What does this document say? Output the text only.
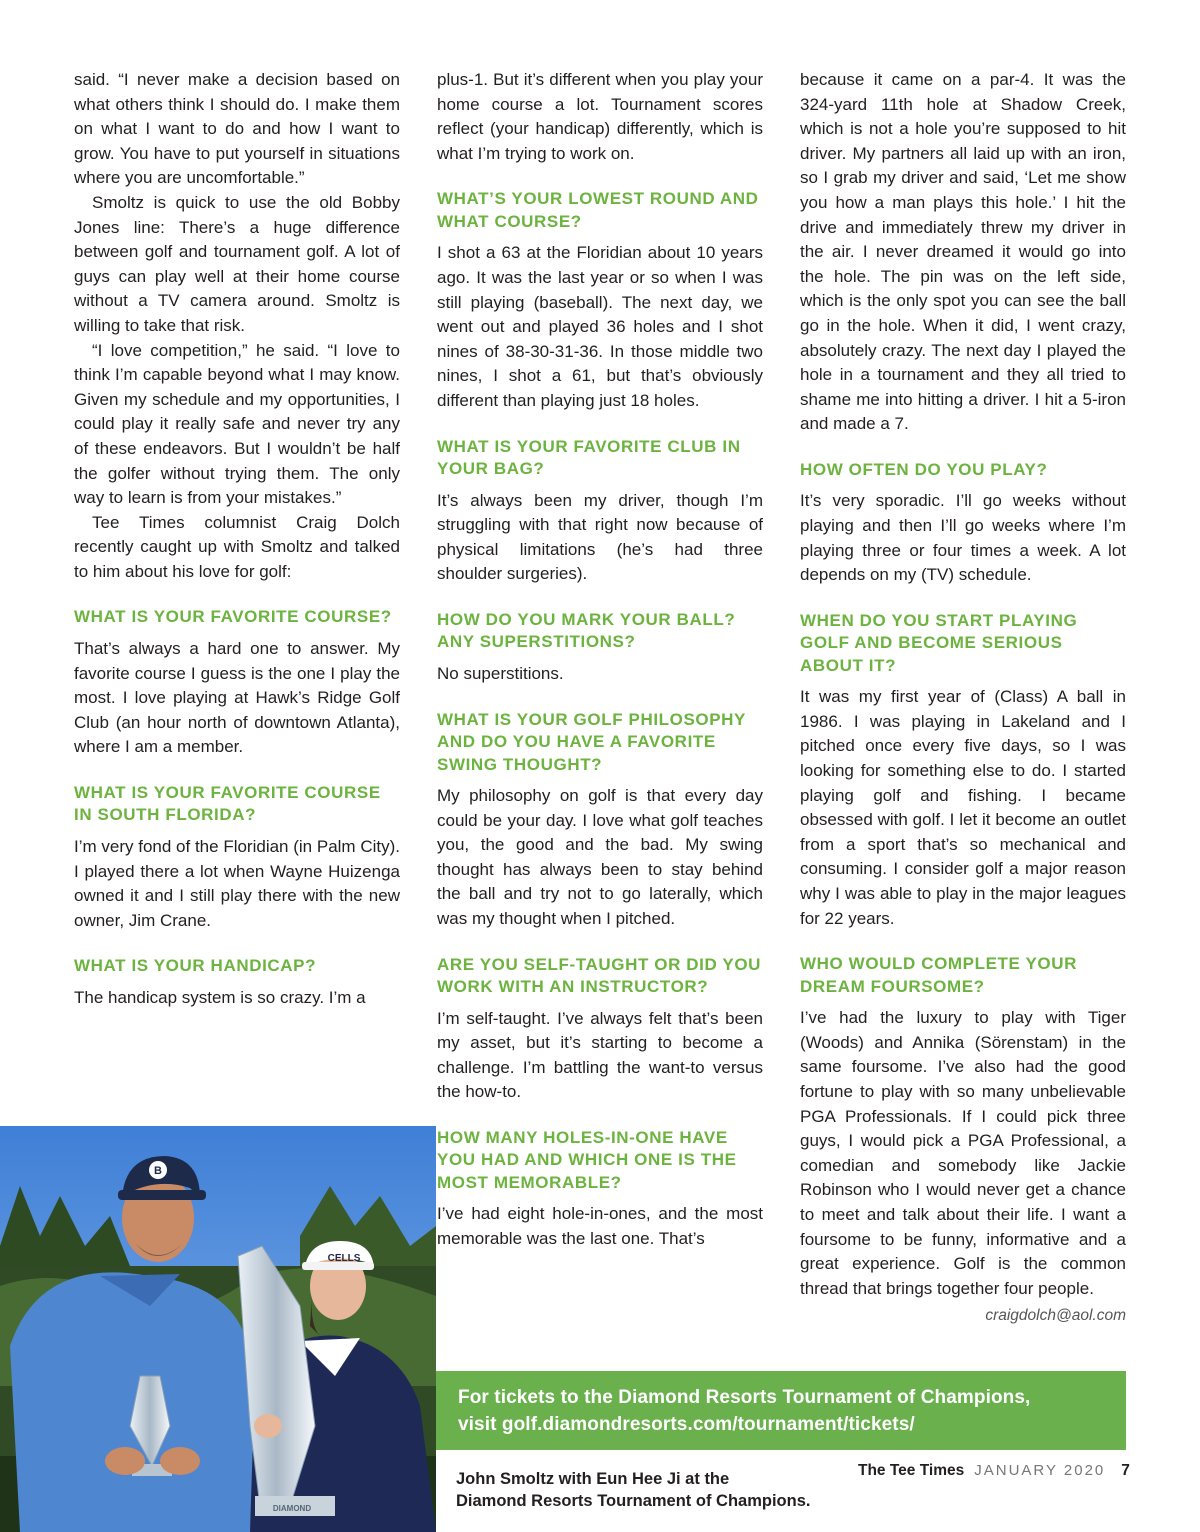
said. “I never make a decision based on what others think I should do. I make them on what I want to do and how I want to grow. You have to put yourself in situations where you are uncomfortable.”

Smoltz is quick to use the old Bobby Jones line: There’s a huge difference between golf and tournament golf. A lot of guys can play well at their home course without a TV camera around. Smoltz is willing to take that risk.

“I love competition,” he said. “I love to think I’m capable beyond what I may know. Given my schedule and my opportunities, I could play it really safe and never try any of these endeavors. But I wouldn’t be half the golfer without trying them. The only way to learn is from your mistakes.”

Tee Times columnist Craig Dolch recently caught up with Smoltz and talked to him about his love for golf:

WHAT IS YOUR FAVORITE COURSE?

That’s always a hard one to answer. My favorite course I guess is the one I play the most. I love playing at Hawk’s Ridge Golf Club (an hour north of downtown Atlanta), where I am a member.

WHAT IS YOUR FAVORITE COURSE IN SOUTH FLORIDA?

I’m very fond of the Floridian (in Palm City). I played there a lot when Wayne Huizenga owned it and I still play there with the new owner, Jim Crane.

WHAT IS YOUR HANDICAP?

The handicap system is so crazy. I’m a

plus-1. But it’s different when you play your home course a lot. Tournament scores reflect (your handicap) differently, which is what I’m trying to work on.

WHAT’S YOUR LOWEST ROUND AND WHAT COURSE?

I shot a 63 at the Floridian about 10 years ago. It was the last year or so when I was still playing (baseball). The next day, we went out and played 36 holes and I shot nines of 38-30-31-36. In those middle two nines, I shot a 61, but that’s obviously different than playing just 18 holes.

WHAT IS YOUR FAVORITE CLUB IN YOUR BAG?

It’s always been my driver, though I’m struggling with that right now because of physical limitations (he’s had three shoulder surgeries).

HOW DO YOU MARK YOUR BALL? ANY SUPERSTITIONS?

No superstitions.

WHAT IS YOUR GOLF PHILOSOPHY AND DO YOU HAVE A FAVORITE SWING THOUGHT?

My philosophy on golf is that every day could be your day. I love what golf teaches you, the good and the bad. My swing thought has always been to stay behind the ball and try not to go laterally, which was my thought when I pitched.

ARE YOU SELF-TAUGHT OR DID YOU WORK WITH AN INSTRUCTOR?

I’m self-taught. I’ve always felt that’s been my asset, but it’s starting to become a challenge. I’m battling the want-to versus the how-to.

HOW MANY HOLES-IN-ONE HAVE YOU HAD AND WHICH ONE IS THE MOST MEMORABLE?

I’ve had eight hole-in-ones, and the most memorable was the last one. That’s

because it came on a par-4. It was the 324-yard 11th hole at Shadow Creek, which is not a hole you’re supposed to hit driver. My partners all laid up with an iron, so I grab my driver and said, ‘Let me show you how a man plays this hole.’ I hit the drive and immediately threw my driver in the air. I never dreamed it would go into the hole. The pin was on the left side, which is the only spot you can see the ball go in the hole. When it did, I went crazy, absolutely crazy. The next day I played the hole in a tournament and they all tried to shame me into hitting a driver. I hit a 5-iron and made a 7.

HOW OFTEN DO YOU PLAY?

It’s very sporadic. I’ll go weeks without playing and then I’ll go weeks where I’m playing three or four times a week. A lot depends on my (TV) schedule.

WHEN DO YOU START PLAYING GOLF AND BECOME SERIOUS ABOUT IT?

It was my first year of (Class) A ball in 1986. I was playing in Lakeland and I pitched once every five days, so I was looking for something else to do. I started playing golf and fishing. I became obsessed with golf. I let it become an outlet from a sport that’s so mechanical and consuming. I consider golf a major reason why I was able to play in the major leagues for 22 years.

WHO WOULD COMPLETE YOUR DREAM FOURSOME?

I’ve had the luxury to play with Tiger (Woods) and Annika (Sörenstam) in the same foursome. I’ve also had the good fortune to play with so many unbelievable PGA Professionals. If I could pick three guys, I would pick a PGA Professional, a comedian and somebody like Jackie Robinson who I would never get a chance to meet and talk about their life. I want a foursome to be funny, informative and a great experience. Golf is the common thread that brings together four people.

craigdolch@aol.com
B
CELLS
DIAMOND
For tickets to the Diamond Resorts Tournament of Champions,
visit golf.diamondresorts.com/tournament/tickets/
John Smoltz with Eun Hee Ji at the
Diamond Resorts Tournament of Champions.
The Tee Times JANUARY 2020 7
